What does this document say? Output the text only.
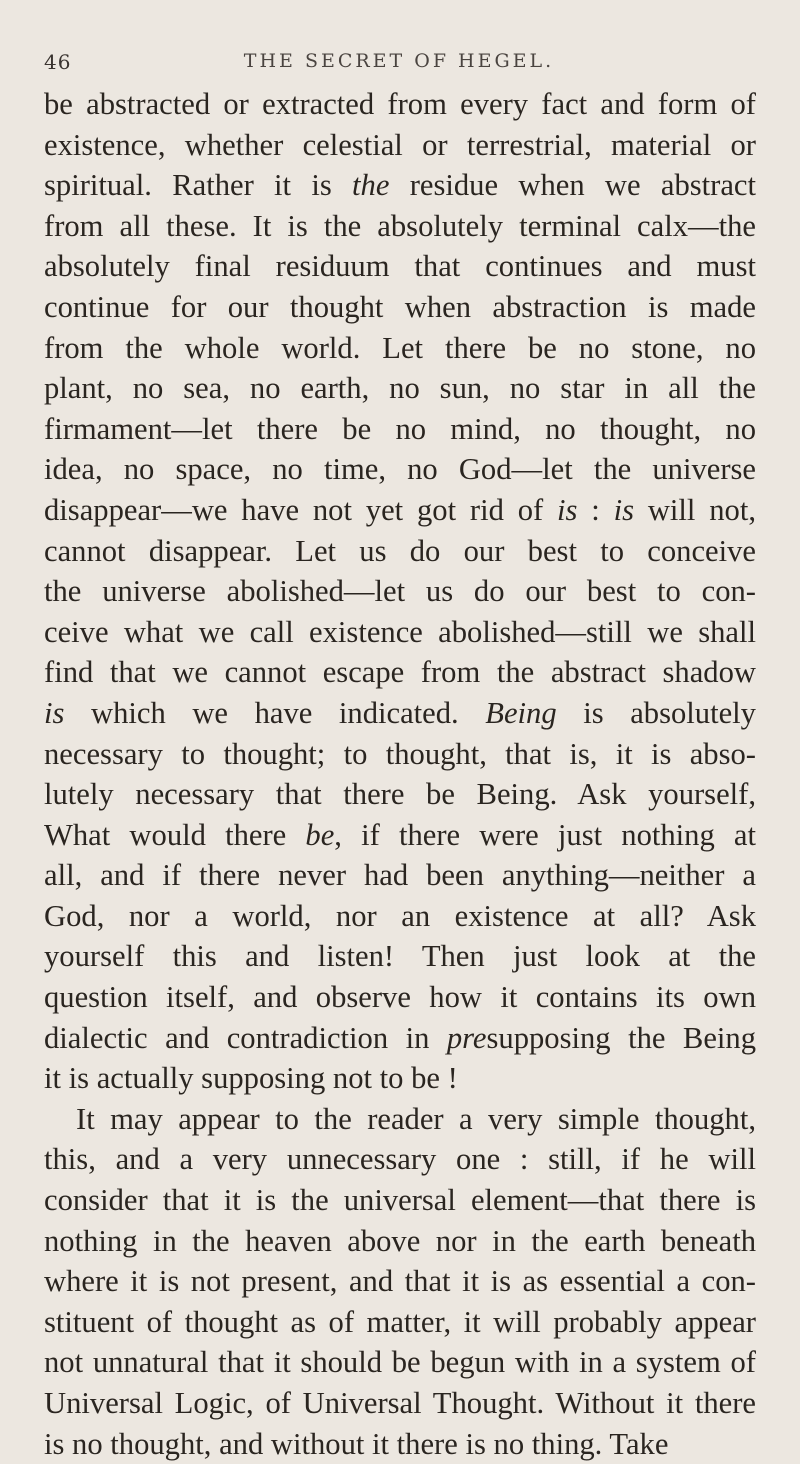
46	THE SECRET OF HEGEL.
be abstracted or extracted from every fact and form of
existence, whether celestial or terrestrial, material or
spiritual. Rather it is the residue when we abstract
from all these. It is the absolutely terminal calx—the
absolutely final residuum that continues and must
continue for our thought when abstraction is made
from the whole world. Let there be no stone, no
plant, no sea, no earth, no sun, no star in all the
firmament—let there be no mind, no thought, no
idea, no space, no time, no God—let the universe
disappear—we have not yet got rid of is : is will not,
cannot disappear. Let us do our best to conceive
the universe abolished—let us do our best to con-
ceive what we call existence abolished—still we shall
find that we cannot escape from the abstract shadow
is which we have indicated. Being is absolutely
necessary to thought; to thought, that is, it is abso-
lutely necessary that there be Being. Ask yourself,
What would there be, if there were just nothing at
all, and if there never had been anything—neither a
God, nor a world, nor an existence at all? Ask
yourself this and listen! Then just look at the
question itself, and observe how it contains its own
dialectic and contradiction in presupposing the Being
it is actually supposing not to be !
It may appear to the reader a very simple thought,
this, and a very unnecessary one : still, if he will
consider that it is the universal element—that there is
nothing in the heaven above nor in the earth beneath
where it is not present, and that it is as essential a con-
stituent of thought as of matter, it will probably appear
not unnatural that it should be begun with in a system of
Universal Logic, of Universal Thought. Without it there
is no thought, and without it there is no thing. Take
